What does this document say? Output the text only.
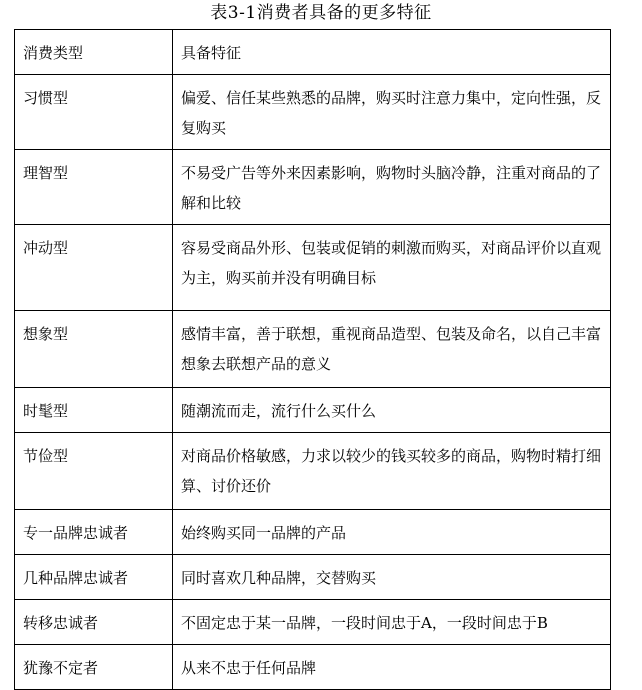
表3-1消费者具备的更多特征
消费类型	具备特征
习惯型	偏爱、信任某些熟悉的品牌，购买时注意力集中，定向性强，反复购买
理智型	不易受广告等外来因素影响，购物时头脑冷静，注重对商品的了解和比较
冲动型	容易受商品外形、包装或促销的刺激而购买，对商品评价以直观为主，购买前并没有明确目标
想象型	感情丰富，善于联想，重视商品造型、包装及命名，以自己丰富想象去联想产品的意义
时髦型	随潮流而走，流行什么买什么
节俭型	对商品价格敏感，力求以较少的钱买较多的商品，购物时精打细算、讨价还价
专一品牌忠诚者	始终购买同一品牌的产品
几种品牌忠诚者	同时喜欢几种品牌，交替购买
转移忠诚者	不固定忠于某一品牌，一段时间忠于A，一段时间忠于B
犹豫不定者	从来不忠于任何品牌
